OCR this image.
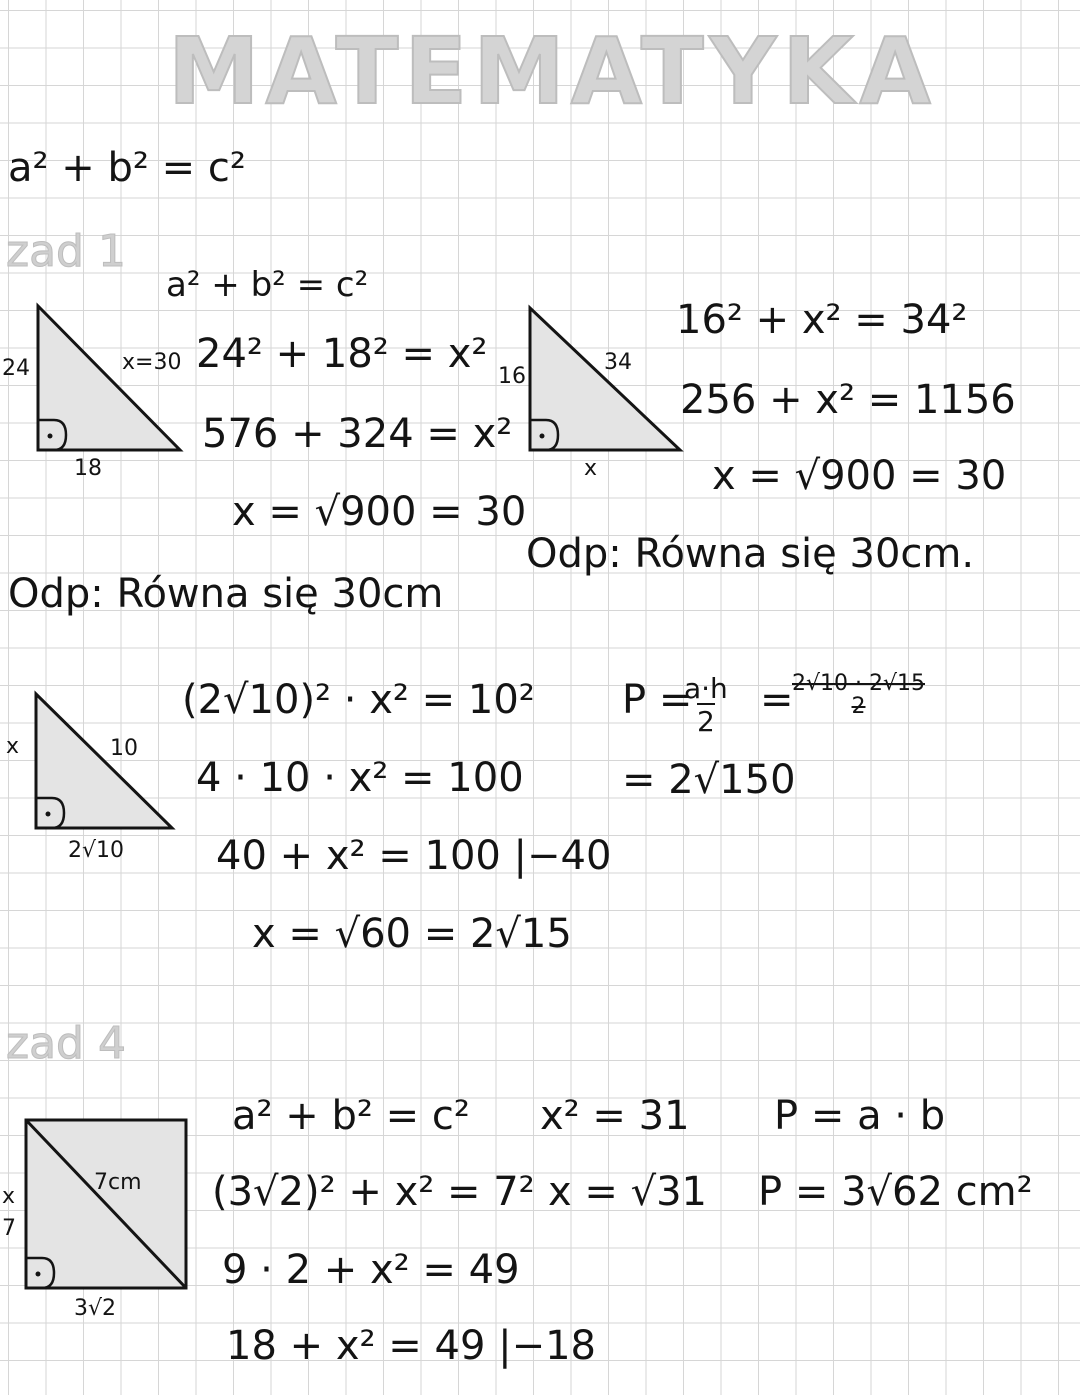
MATEMATYKA
a² + b² = c²
zad 1
24
18
x=30
a² + b² = c²
24² + 18² = x²
576 + 324 = x²
x = √900 = 30
Odp: Równa się 30cm
16
x
34
16² + x² = 34²
256 + x² = 1156
x = √900 = 30
Odp: Równa się 30cm.
x
2√10
10
(2√10)² · x² = 10²
4 · 10 · x² = 100
40 + x² = 100 |−40
x = √60 = 2√15
P =
$\frac{a\cdot h}{2}$ =
2√10 · 2√15
2
= 2√150
zad 4
7cm
x
7
3√2
a² + b² = c²
(3√2)² + x² = 7²
9 · 2 + x² = 49
18 + x² = 49 |−18
x² = 31
x = √31
P = a · b
P = 3√62 cm²
